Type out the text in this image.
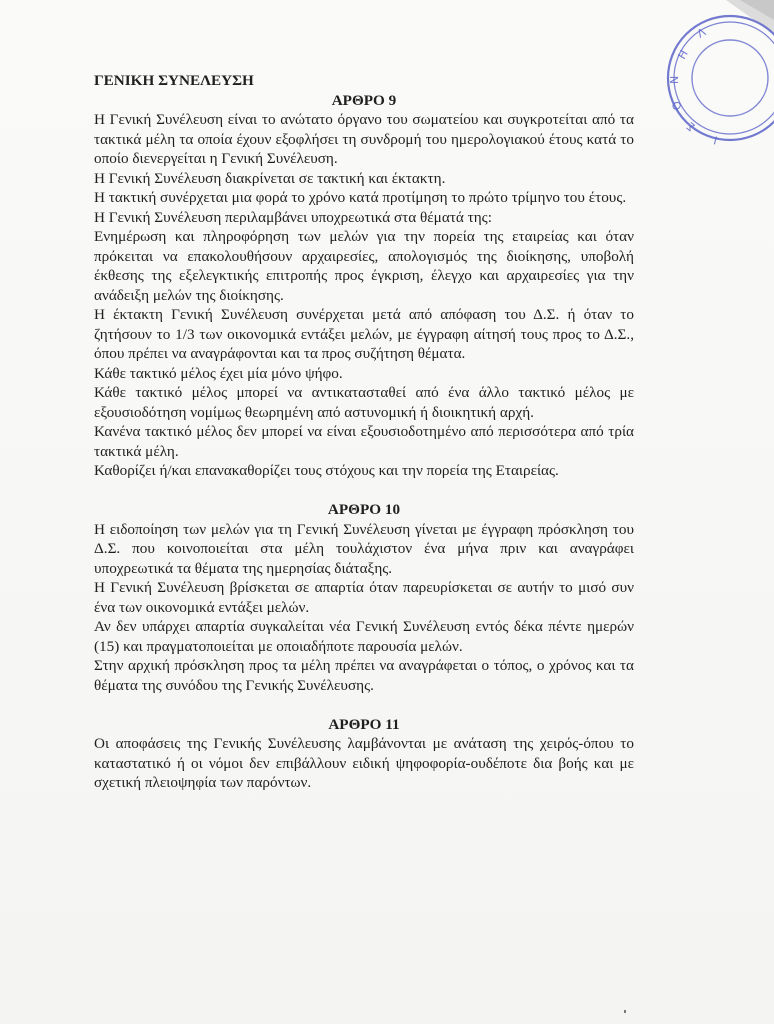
Λ
Η
Ν
Ο
Σ
Ι

ΓΕΝΙΚΗ ΣΥΝΕΛΕΥΣΗ

ΑΡΘΡΟ 9

Η Γενική Συνέλευση είναι το ανώτατο όργανο του σωματείου και συγκροτείται από τα τακτικά μέλη τα οποία έχουν εξοφλήσει τη συνδρομή του ημερολογιακού έτους κατά το οποίο διενεργείται η Γενική Συνέλευση.

Η Γενική Συνέλευση διακρίνεται σε τακτική και έκτακτη.

Η τακτική συνέρχεται μια φορά το χρόνο κατά προτίμηση το πρώτο τρίμηνο του έτους.

Η Γενική Συνέλευση περιλαμβάνει υποχρεωτικά στα θέματά της:

Ενημέρωση και πληροφόρηση των μελών για την πορεία της εταιρείας και όταν πρόκειται να επακολουθήσουν αρχαιρεσίες, απολογισμός της διοίκησης, υποβολή έκθεσης της εξελεγκτικής επιτροπής προς έγκριση, έλεγχο και αρχαιρεσίες για την ανάδειξη μελών της διοίκησης.

Η έκτακτη Γενική Συνέλευση συνέρχεται μετά από απόφαση του Δ.Σ. ή όταν το ζητήσουν το 1/3 των οικονομικά εντάξει μελών, με έγγραφη αίτησή τους προς το Δ.Σ., όπου πρέπει να αναγράφονται και τα προς συζήτηση θέματα.

Κάθε τακτικό μέλος έχει μία μόνο ψήφο.

Κάθε τακτικό μέλος μπορεί να αντικατασταθεί από ένα άλλο τακτικό μέλος με εξουσιοδότηση νομίμως θεωρημένη από αστυνομική ή διοικητική αρχή.

Κανένα τακτικό μέλος δεν μπορεί να είναι εξουσιοδοτημένο από περισσότερα από τρία τακτικά μέλη.

Καθορίζει ή/και επανακαθορίζει τους στόχους και την πορεία της Εταιρείας.

ΑΡΘΡΟ 10

Η ειδοποίηση των μελών για τη Γενική Συνέλευση γίνεται με έγγραφη πρόσκληση του Δ.Σ. που κοινοποιείται στα μέλη τουλάχιστον ένα μήνα πριν και αναγράφει υποχρεωτικά τα θέματα της ημερησίας διάταξης.

Η Γενική Συνέλευση βρίσκεται σε απαρτία όταν παρευρίσκεται σε αυτήν το μισό συν ένα των οικονομικά εντάξει μελών.

Αν δεν υπάρχει απαρτία συγκαλείται νέα Γενική Συνέλευση εντός δέκα πέντε ημερών (15) και πραγματοποιείται με οποιαδήποτε παρουσία μελών.

Στην αρχική πρόσκληση προς τα μέλη πρέπει να αναγράφεται ο τόπος, ο χρόνος και τα θέματα της συνόδου της Γενικής Συνέλευσης.

ΑΡΘΡΟ 11

Οι αποφάσεις της Γενικής Συνέλευσης λαμβάνονται με ανάταση της χειρός-όπου το καταστατικό ή οι νόμοι δεν επιβάλλουν ειδική ψηφοφορία-ουδέποτε δια βοής και με σχετική πλειοψηφία των παρόντων.
